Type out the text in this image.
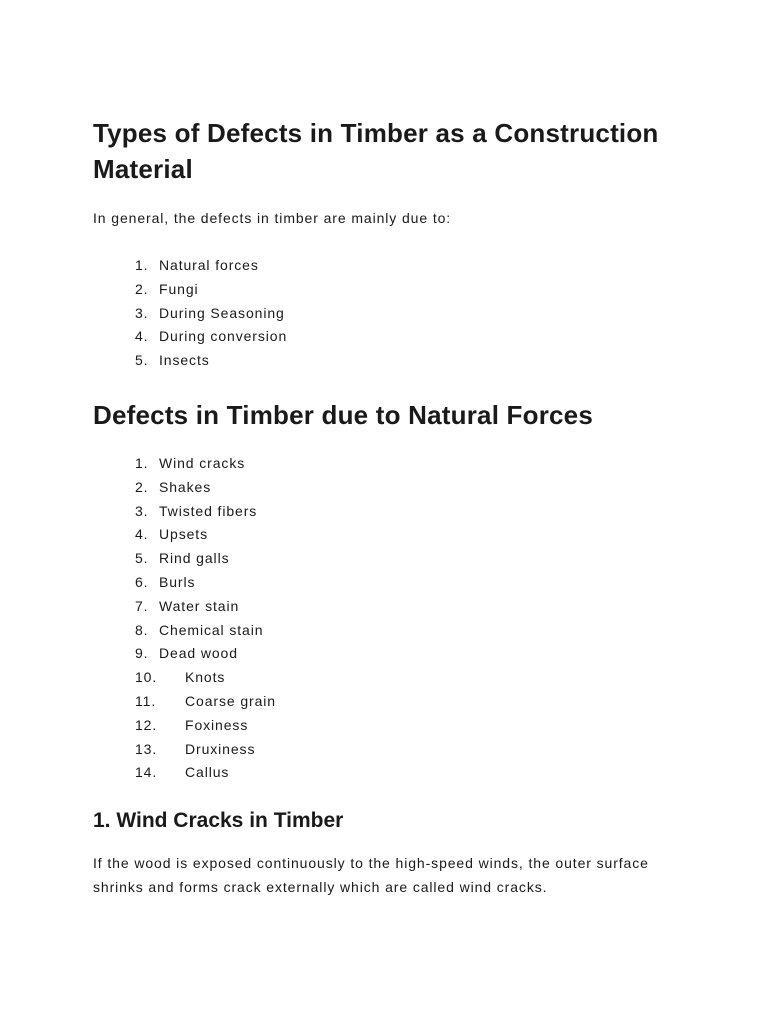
Types of Defects in Timber as a Construction Material

In general, the defects in timber are mainly due to:

1. Natural forces
2. Fungi
3. During Seasoning
4. During conversion
5. Insects
Defects in Timber due to Natural Forces
1. Wind cracks
2. Shakes
3. Twisted fibers
4. Upsets
5. Rind galls
6. Burls
7. Water stain
8. Chemical stain
9. Dead wood
10. Knots
11. Coarse grain
12. Foxiness
13. Druxiness
14. Callus
1. Wind Cracks in Timber

If the wood is exposed continuously to the high-speed winds, the outer surface shrinks and forms crack externally which are called wind cracks.
